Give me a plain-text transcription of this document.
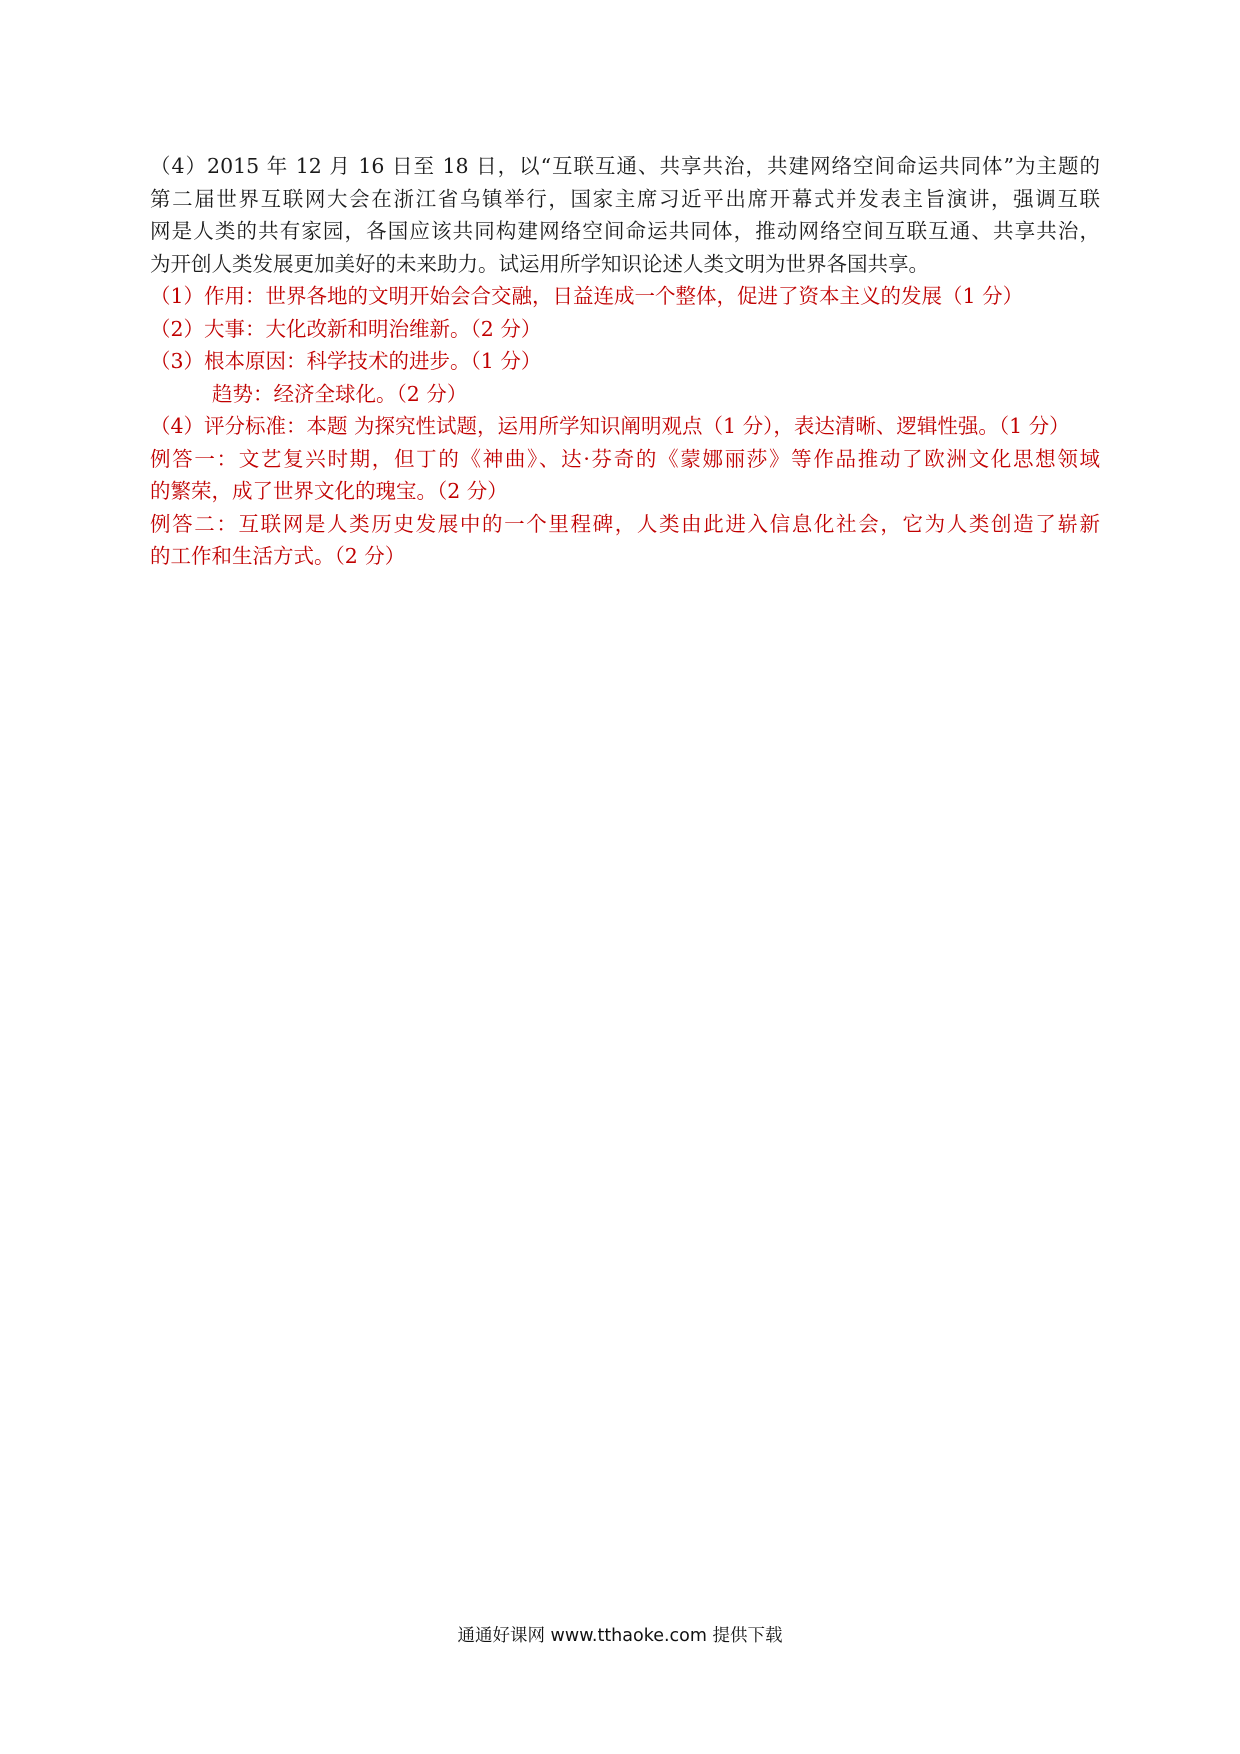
（4）2015 年 12 月 16 日至 18 日，以“互联互通、共享共治，共建网络空间命运共同体”为主题的
第二届世界互联网大会在浙江省乌镇举行，国家主席习近平出席开幕式并发表主旨演讲，强调互联
网是人类的共有家园，各国应该共同构建网络空间命运共同体，推动网络空间互联互通、共享共治，
为开创人类发展更加美好的未来助力。试运用所学知识论述人类文明为世界各国共享。
（1）作用：世界各地的文明开始会合交融，日益连成一个整体，促进了资本主义的发展（1 分）
（2）大事：大化改新和明治维新。（2 分）
（3）根本原因：科学技术的进步。（1 分）
趋势：经济全球化。（2 分）
（4）评分标准：本题 为探究性试题，运用所学知识阐明观点（1 分），表达清晰、逻辑性强。（1 分）
例答一：文艺复兴时期，但丁的《神曲》、达·芬奇的《蒙娜丽莎》等作品推动了欧洲文化思想领域
的繁荣，成了世界文化的瑰宝。（2 分）
例答二：互联网是人类历史发展中的一个里程碑，人类由此进入信息化社会，它为人类创造了崭新
的工作和生活方式。（2 分）
通通好课网 www.tthaoke.com 提供下载
